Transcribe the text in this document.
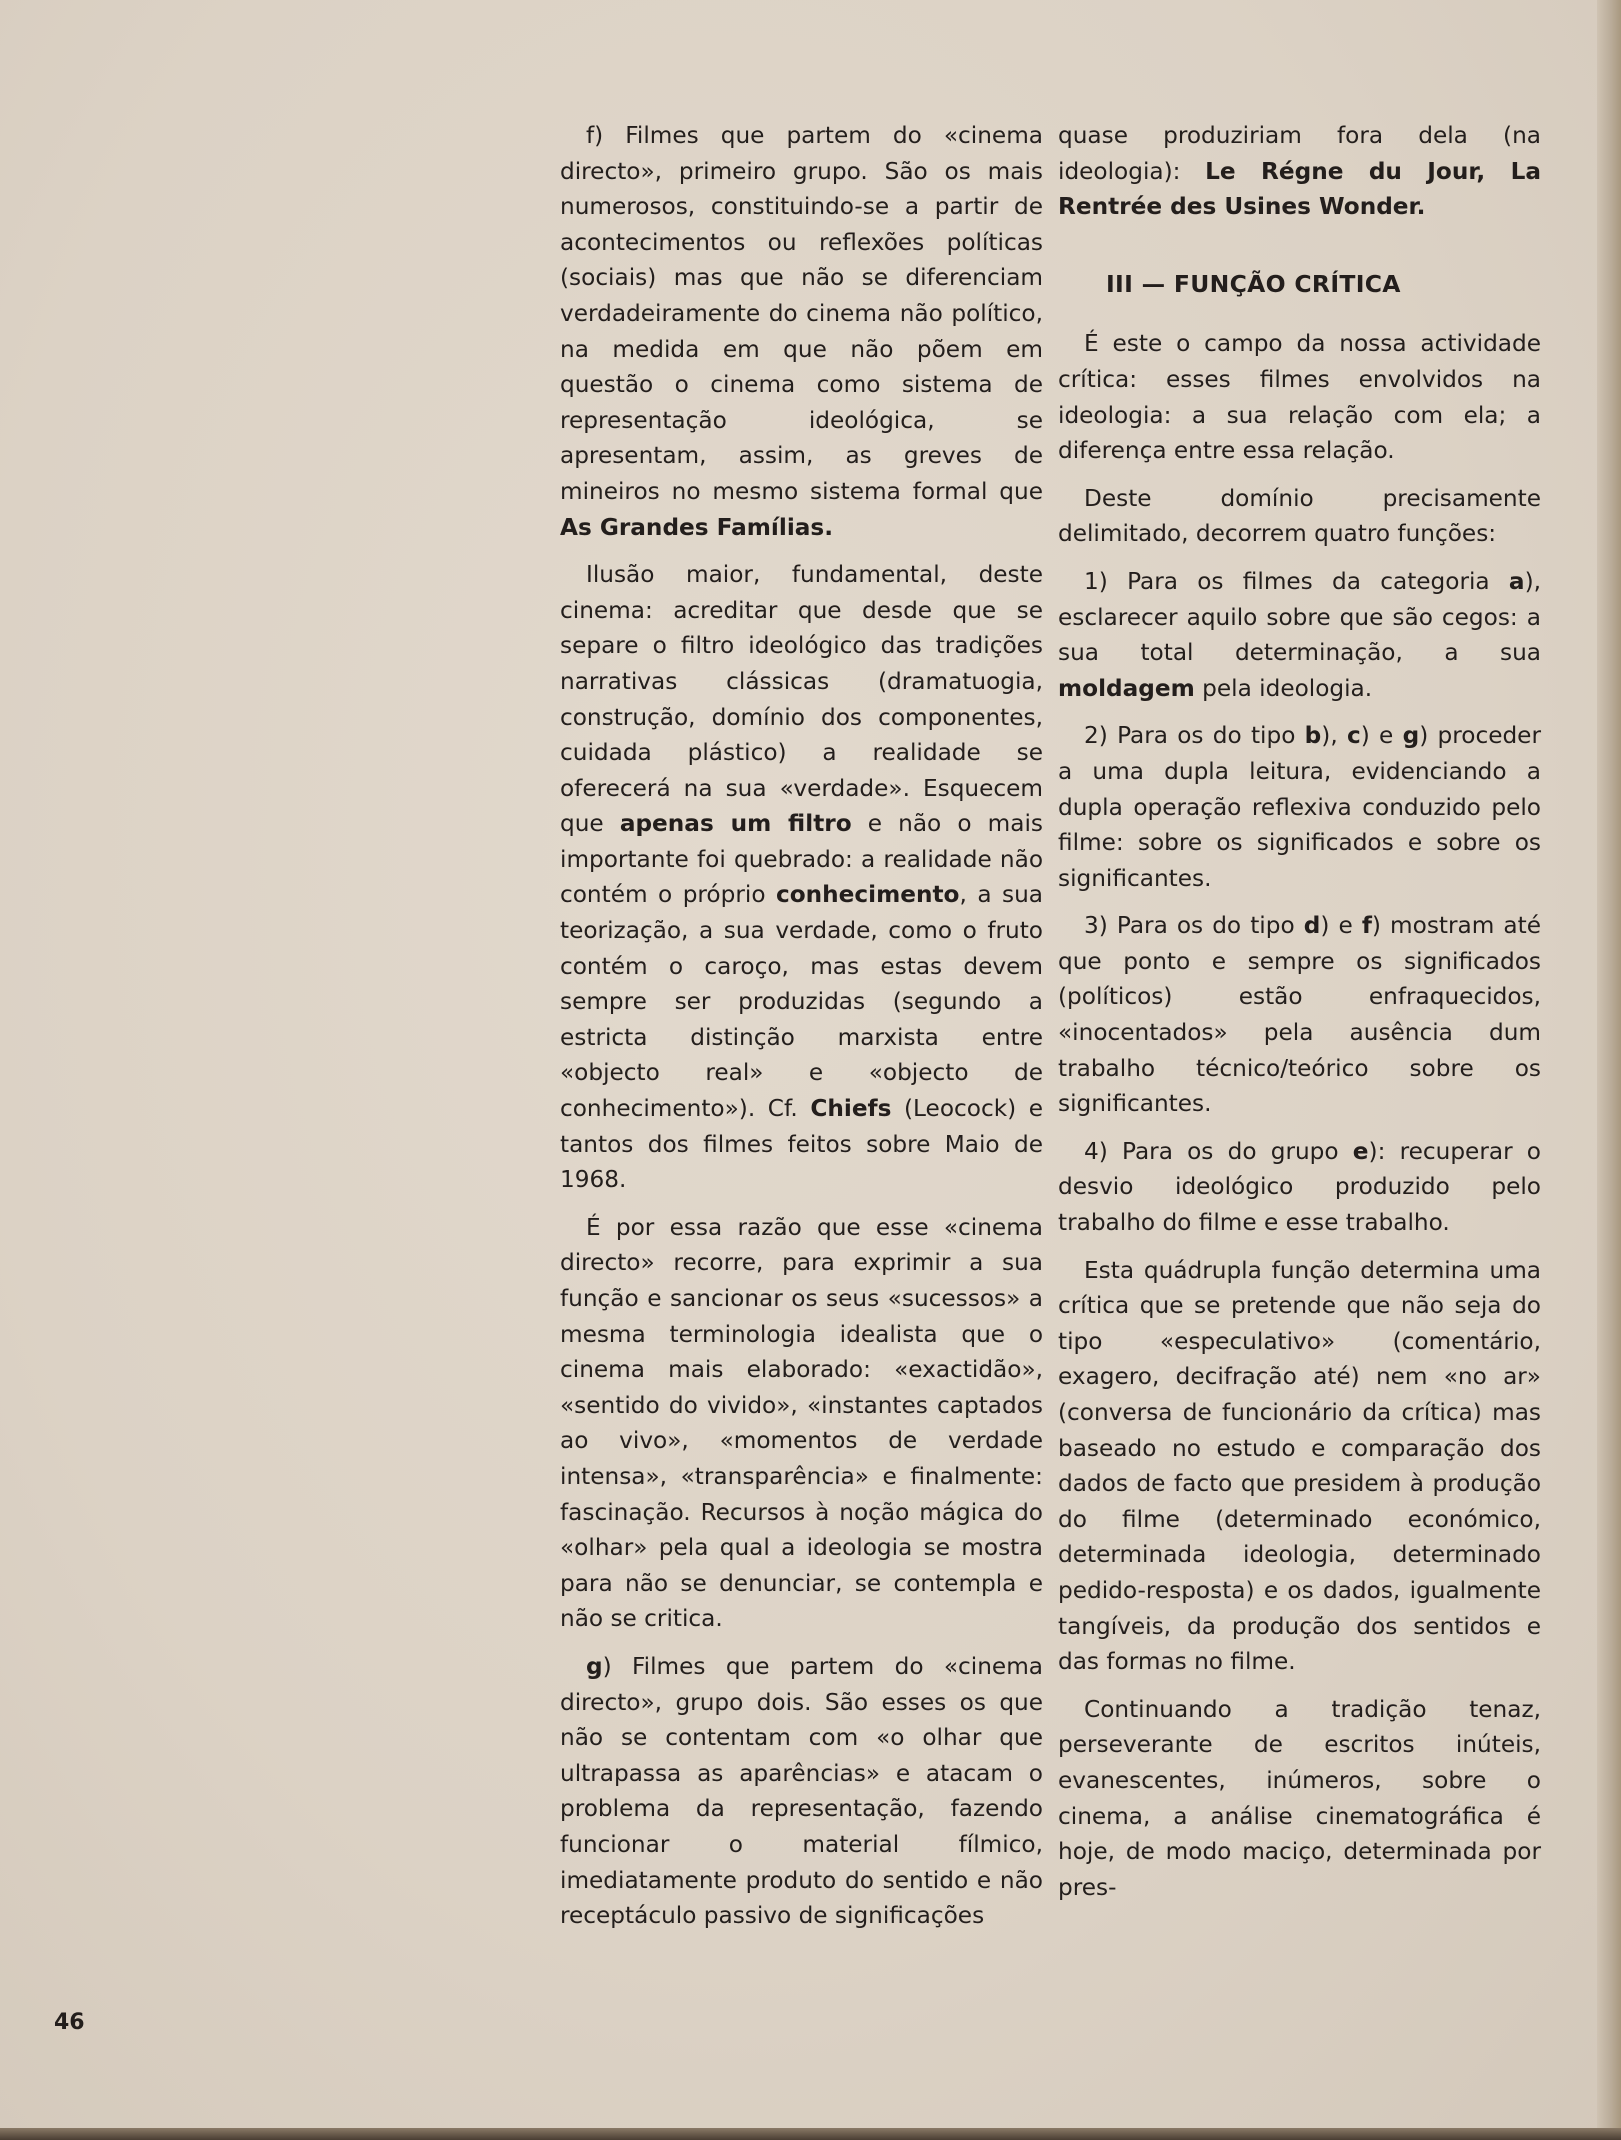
f) Filmes que partem do «cinema directo», primeiro grupo. São os mais numerosos, constituindo-se a partir de acontecimentos ou reflexões políticas (sociais) mas que não se diferenciam verdadeiramente do cinema não político, na medida em que não põem em questão o cinema como sistema de representação ideológica, se apresentam, assim, as greves de mineiros no mesmo sistema formal que As Grandes Famílias.

Ilusão maior, fundamental, deste cinema: acreditar que desde que se separe o filtro ideológico das tradições narrativas clássicas (dramatuogia, construção, domínio dos componentes, cuidada plástico) a realidade se oferecerá na sua «verdade». Esquecem que apenas um filtro e não o mais importante foi quebrado: a realidade não contém o próprio conhecimento, a sua teorização, a sua verdade, como o fruto contém o caroço, mas estas devem sempre ser produzidas (segundo a estricta distinção marxista entre «objecto real» e «objecto de conhecimento»). Cf. Chiefs (Leocock) e tantos dos filmes feitos sobre Maio de 1968.

É por essa razão que esse «cinema directo» recorre, para exprimir a sua função e sancionar os seus «sucessos» a mesma terminologia idealista que o cinema mais elaborado: «exactidão», «sentido do vivido», «instantes captados ao vivo», «momentos de verdade intensa», «transparência» e finalmente: fascinação. Recursos à noção mágica do «olhar» pela qual a ideologia se mostra para não se denunciar, se contempla e não se critica.

g) Filmes que partem do «cinema directo», grupo dois. São esses os que não se contentam com «o olhar que ultrapassa as aparências» e atacam o problema da representação, fazendo funcionar o material fílmico, imediatamente produto do sentido e não receptáculo passivo de significações

quase produziriam fora dela (na ideologia): Le Régne du Jour, La Rentrée des Usines Wonder.

III — FUNÇÃO CRÍTICA

É este o campo da nossa actividade crítica: esses filmes envolvidos na ideologia: a sua relação com ela; a diferença entre essa relação.

Deste domínio precisamente delimitado, decorrem quatro funções:

1) Para os filmes da categoria a), esclarecer aquilo sobre que são cegos: a sua total determinação, a sua moldagem pela ideologia.

2) Para os do tipo b), c) e g) proceder a uma dupla leitura, evidenciando a dupla operação reflexiva conduzido pelo filme: sobre os significados e sobre os significantes.

3) Para os do tipo d) e f) mostram até que ponto e sempre os significados (políticos) estão enfraquecidos, «inocentados» pela ausência dum trabalho técnico/teórico sobre os significantes.

4) Para os do grupo e): recuperar o desvio ideológico produzido pelo trabalho do filme e esse trabalho.

Esta quádrupla função determina uma crítica que se pretende que não seja do tipo «especulativo» (comentário, exagero, decifração até) nem «no ar» (conversa de funcionário da crítica) mas baseado no estudo e comparação dos dados de facto que presidem à produção do filme (determinado económico, determinada ideologia, determinado pedido-resposta) e os dados, igualmente tangíveis, da produção dos sentidos e das formas no filme.

Continuando a tradição tenaz, perseverante de escritos inúteis, evanescentes, inúmeros, sobre o cinema, a análise cinematográfica é hoje, de modo maciço, determinada por pres-

46
